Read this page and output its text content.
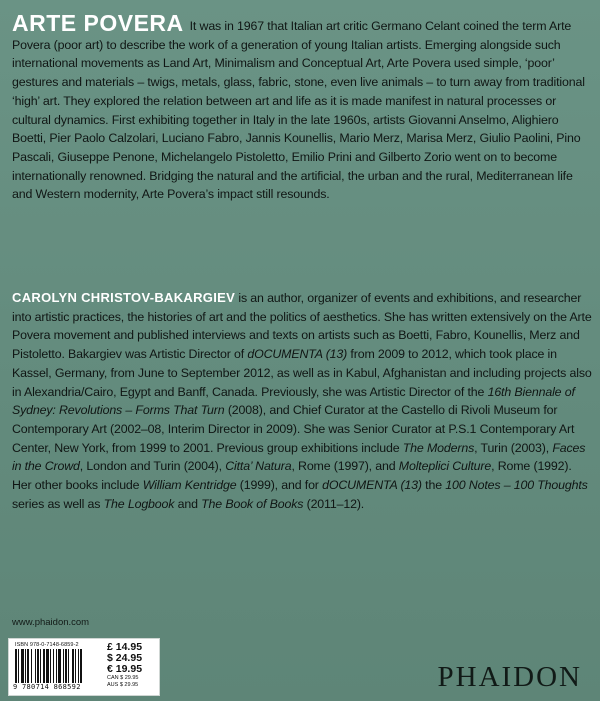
ARTE POVERA It was in 1967 that Italian art critic Germano Celant coined the term Arte Povera (poor art) to describe the work of a generation of young Italian artists. Emerging alongside such international movements as Land Art, Minimalism and Conceptual Art, Arte Povera used simple, ‘poor’ gestures and materials – twigs, metals, glass, fabric, stone, even live animals – to turn away from traditional ‘high’ art. They explored the relation between art and life as it is made manifest in natural processes or cultural dynamics. First exhibiting together in Italy in the late 1960s, artists Giovanni Anselmo, Alighiero Boetti, Pier Paolo Calzolari, Luciano Fabro, Jannis Kounellis, Mario Merz, Marisa Merz, Giulio Paolini, Pino Pascali, Giuseppe Penone, Michelangelo Pistoletto, Emilio Prini and Gilberto Zorio went on to become internationally renowned. Bridging the natural and the artificial, the urban and the rural, Mediterranean life and Western modernity, Arte Povera’s impact still resounds.

CAROLYN CHRISTOV-BAKARGIEV is an author, organizer of events and exhibitions, and researcher into artistic practices, the histories of art and the politics of aesthetics. She has written extensively on the Arte Povera movement and published interviews and texts on artists such as Boetti, Fabro, Kounellis, Merz and Pistoletto. Bakargiev was Artistic Director of dOCUMENTA (13) from 2009 to 2012, which took place in Kassel, Germany, from June to September 2012, as well as in Kabul, Afghanistan and including projects also in Alexandria/Cairo, Egypt and Banff, Canada. Previously, she was Artistic Director of the 16th Biennale of Sydney: Revolutions – Forms That Turn (2008), and Chief Curator at the Castello di Rivoli Museum for Contemporary Art (2002–08, Interim Director in 2009). She was Senior Curator at P.S.1 Contemporary Art Center, New York, from 1999 to 2001. Previous group exhibitions include The Moderns, Turin (2003), Faces in the Crowd, London and Turin (2004), Citta’ Natura, Rome (1997), and Molteplici Culture, Rome (1992). Her other books include William Kentridge (1999), and for dOCUMENTA (13) the 100 Notes – 100 Thoughts series as well as The Logbook and The Book of Books (2011–12).

www.phaidon.com
ISBN 978-0-7148-6859-2
9 780714 868592
£ 14.95
$ 24.95
€ 19.95
CAN $ 29.95
AUS $ 29.95	PHAIDON
